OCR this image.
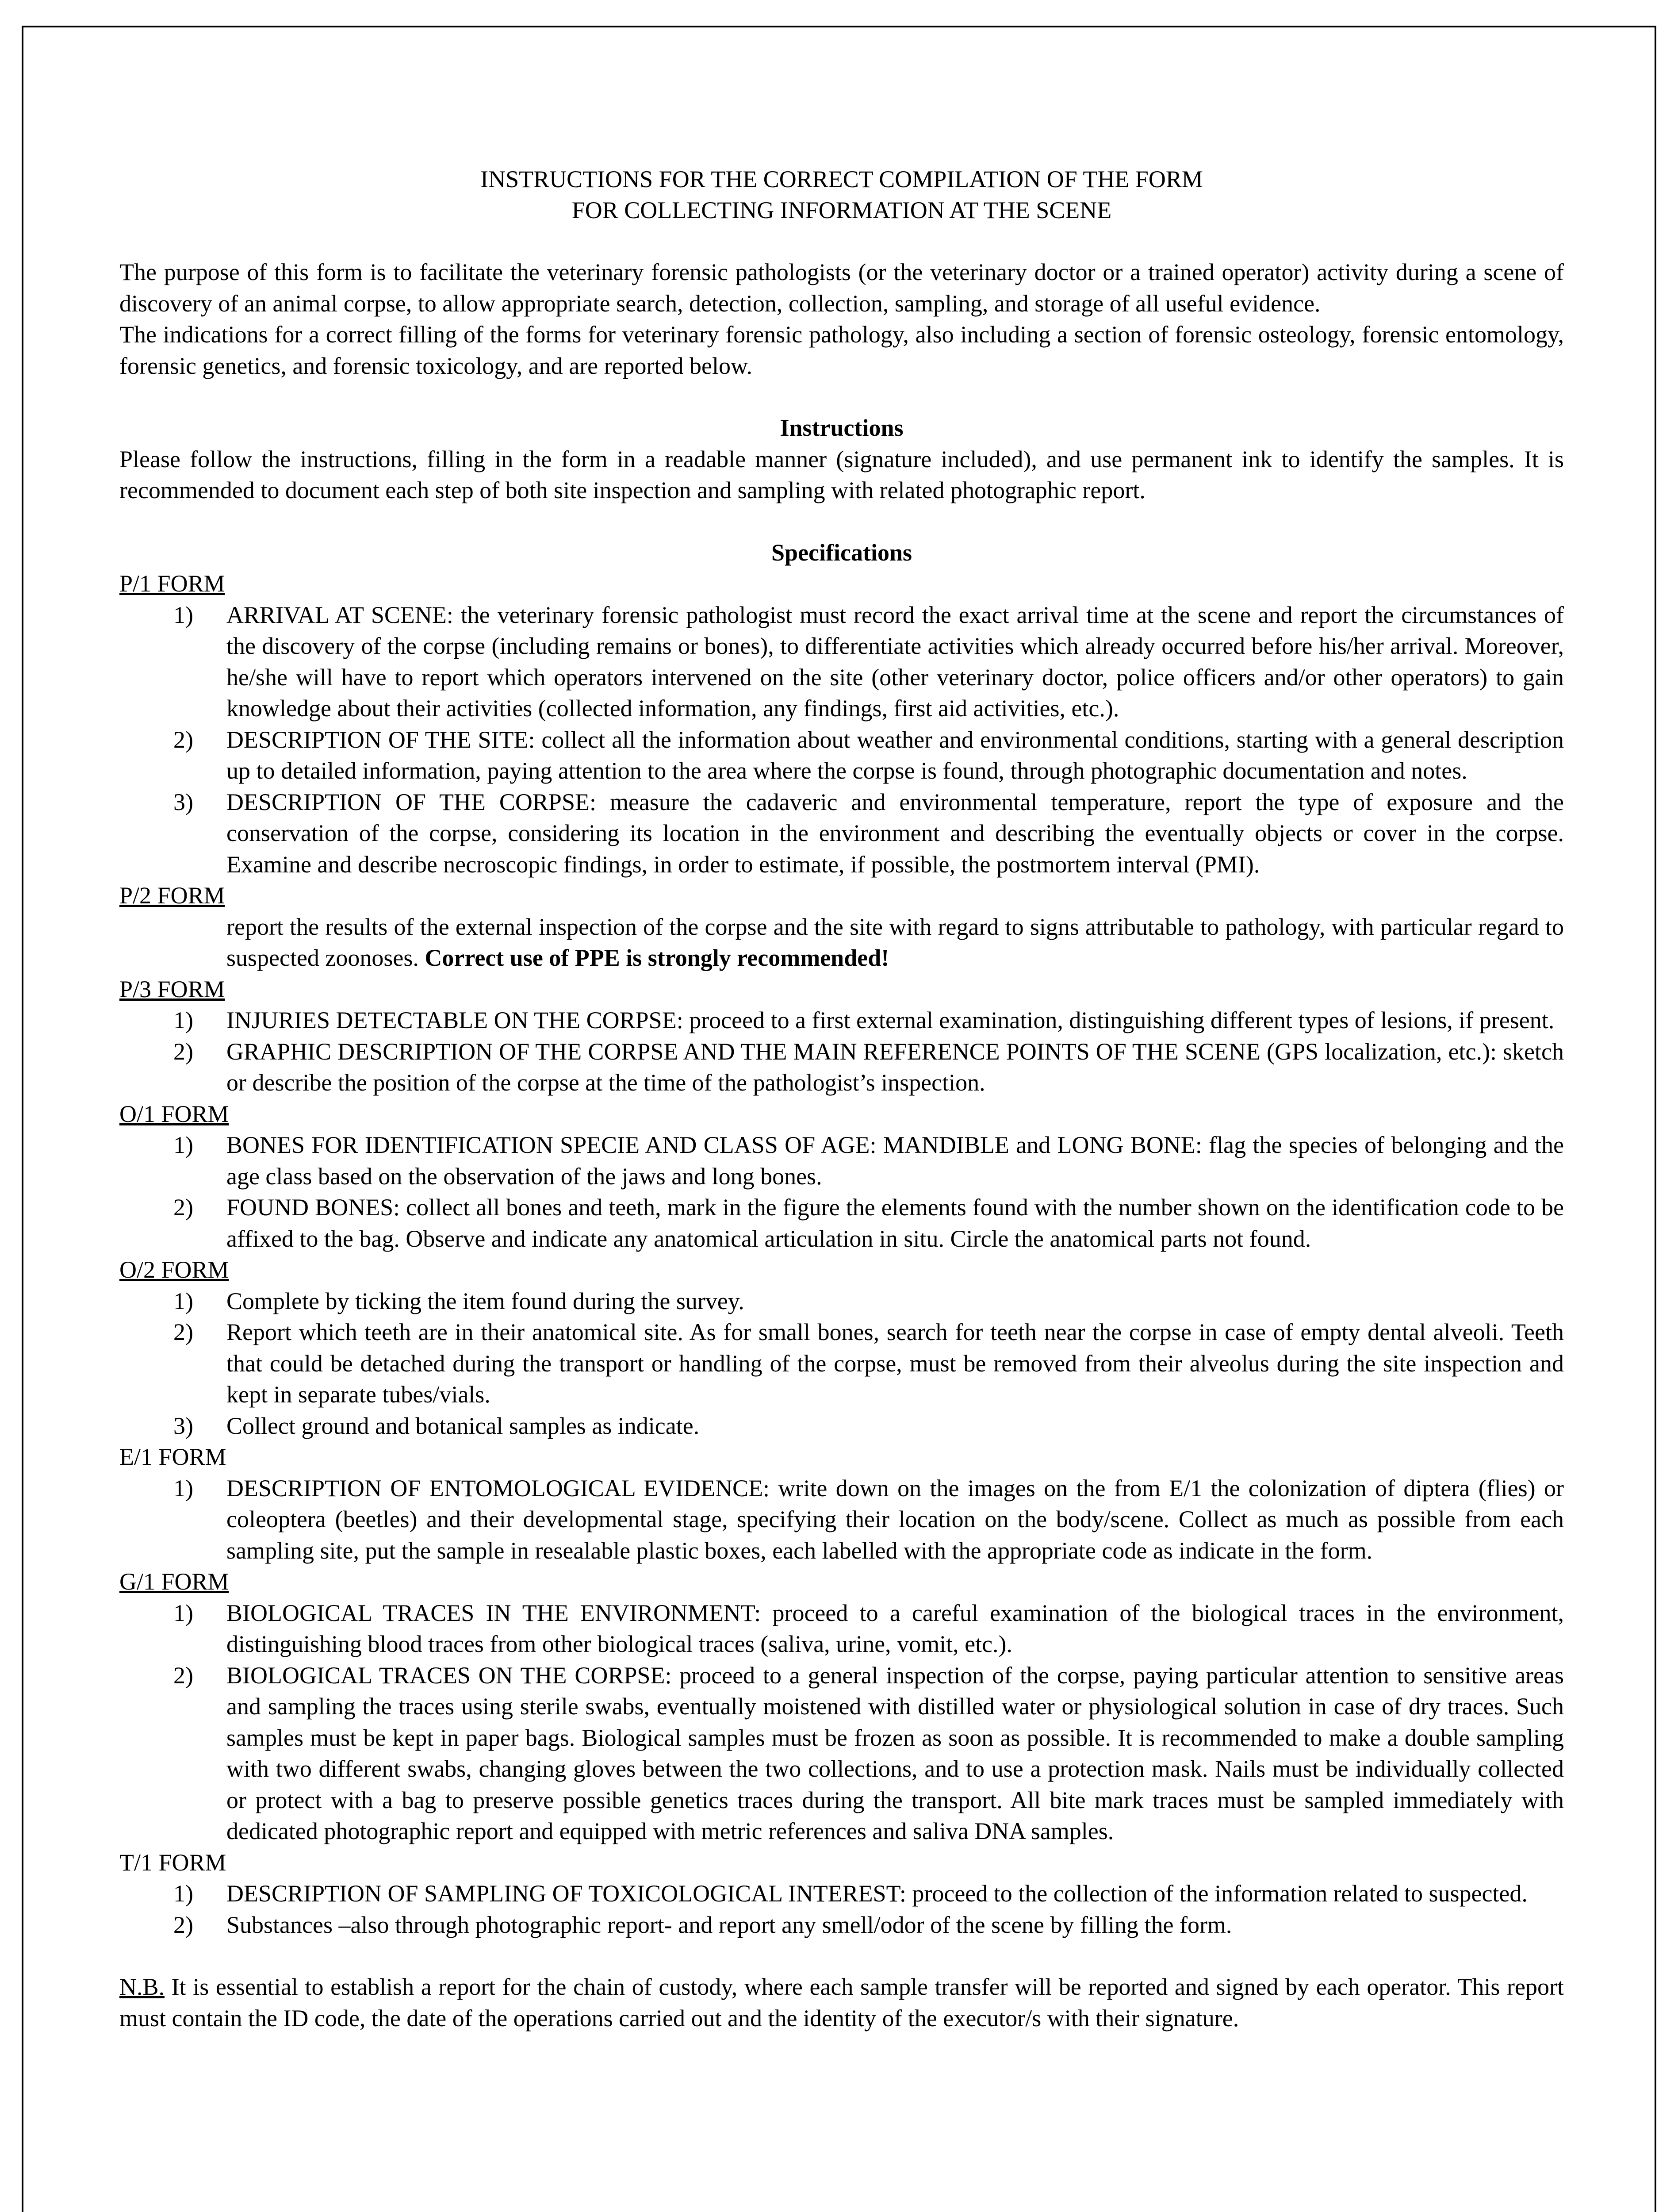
INSTRUCTIONS FOR THE CORRECT COMPILATION OF THE FORM
FOR COLLECTING INFORMATION AT THE SCENE

The purpose of this form is to facilitate the veterinary forensic pathologists (or the veterinary doctor or a trained operator) activity during a scene of discovery of an animal corpse, to allow appropriate search, detection, collection, sampling, and storage of all useful evidence.

The indications for a correct filling of the forms for veterinary forensic pathology, also including a section of forensic osteology, forensic entomology, forensic genetics, and forensic toxicology, and are reported below.

Instructions

Please follow the instructions, filling in the form in a readable manner (signature included), and use permanent ink to identify the samples. It is recommended to document each step of both site inspection and sampling with related photographic report.

Specifications
P/1 FORM
1) ARRIVAL AT SCENE: the veterinary forensic pathologist must record the exact arrival time at the scene and report the circumstances of the discovery of the corpse (including remains or bones), to differentiate activities which already occurred before his/her arrival. Moreover, he/she will have to report which operators intervened on the site (other veterinary doctor, police officers and/or other operators) to gain knowledge about their activities (collected information, any findings, first aid activities, etc.).
2) DESCRIPTION OF THE SITE: collect all the information about weather and environmental conditions, starting with a general description up to detailed information, paying attention to the area where the corpse is found, through photographic documentation and notes.
3) DESCRIPTION OF THE CORPSE: measure the cadaveric and environmental temperature, report the type of exposure and the conservation of the corpse, considering its location in the environment and describing the eventually objects or cover in the corpse. Examine and describe necroscopic findings, in order to estimate, if possible, the postmortem interval (PMI).
P/2 FORM
report the results of the external inspection of the corpse and the site with regard to signs attributable to pathology, with particular regard to suspected zoonoses. Correct use of PPE is strongly recommended!
P/3 FORM
1) INJURIES DETECTABLE ON THE CORPSE: proceed to a first external examination, distinguishing different types of lesions, if present.
2) GRAPHIC DESCRIPTION OF THE CORPSE AND THE MAIN REFERENCE POINTS OF THE SCENE (GPS localization, etc.): sketch or describe the position of the corpse at the time of the pathologist’s inspection.
O/1 FORM
1) BONES FOR IDENTIFICATION SPECIE AND CLASS OF AGE: MANDIBLE and LONG BONE: flag the species of belonging and the age class based on the observation of the jaws and long bones.
2) FOUND BONES: collect all bones and teeth, mark in the figure the elements found with the number shown on the identification code to be affixed to the bag. Observe and indicate any anatomical articulation in situ. Circle the anatomical parts not found.
O/2 FORM
1) Complete by ticking the item found during the survey.
2) Report which teeth are in their anatomical site. As for small bones, search for teeth near the corpse in case of empty dental alveoli. Teeth that could be detached during the transport or handling of the corpse, must be removed from their alveolus during the site inspection and kept in separate tubes/vials.
3) Collect ground and botanical samples as indicate.
E/1 FORM
1) DESCRIPTION OF ENTOMOLOGICAL EVIDENCE: write down on the images on the from E/1 the colonization of diptera (flies) or coleoptera (beetles) and their developmental stage, specifying their location on the body/scene. Collect as much as possible from each sampling site, put the sample in resealable plastic boxes, each labelled with the appropriate code as indicate in the form.
G/1 FORM
1) BIOLOGICAL TRACES IN THE ENVIRONMENT: proceed to a careful examination of the biological traces in the environment, distinguishing blood traces from other biological traces (saliva, urine, vomit, etc.).
2) BIOLOGICAL TRACES ON THE CORPSE: proceed to a general inspection of the corpse, paying particular attention to sensitive areas and sampling the traces using sterile swabs, eventually moistened with distilled water or physiological solution in case of dry traces. Such samples must be kept in paper bags. Biological samples must be frozen as soon as possible. It is recommended to make a double sampling with two different swabs, changing gloves between the two collections, and to use a protection mask. Nails must be individually collected or protect with a bag to preserve possible genetics traces during the transport. All bite mark traces must be sampled immediately with dedicated photographic report and equipped with metric references and saliva DNA samples.
T/1 FORM
1) DESCRIPTION OF SAMPLING OF TOXICOLOGICAL INTEREST: proceed to the collection of the information related to suspected.
2) Substances –also through photographic report- and report any smell/odor of the scene by filling the form.

N.B. It is essential to establish a report for the chain of custody, where each sample transfer will be reported and signed by each operator. This report must contain the ID code, the date of the operations carried out and the identity of the executor/s with their signature.
